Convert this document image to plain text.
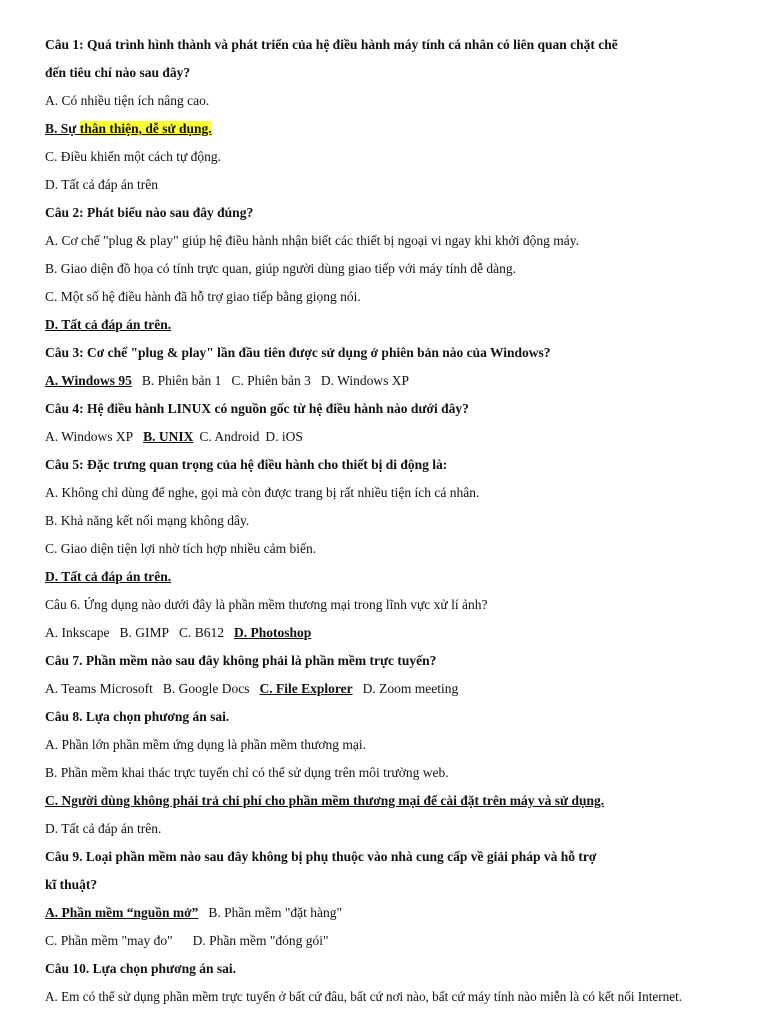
Câu 1: Quá trình hình thành và phát triển của hệ điều hành máy tính cá nhân có liên quan chặt chẽ
đến tiêu chí nào sau đây?
A. Có nhiều tiện ích nâng cao.
B. Sự thân thiện, dễ sử dụng.
C. Điều khiển một cách tự động.
D. Tất cả đáp án trên
Câu 2: Phát biểu nào sau đây đúng?
A. Cơ chế "plug & play" giúp hệ điều hành nhận biết các thiết bị ngoại vi ngay khi khởi động máy.
B. Giao diện đồ họa có tính trực quan, giúp người dùng giao tiếp với máy tính dễ dàng.
C. Một số hệ điều hành đã hỗ trợ giao tiếp bằng giọng nói.
D. Tất cả đáp án trên.
Câu 3: Cơ chế "plug & play" lần đầu tiên được sử dụng ở phiên bản nào của Windows?
A. Windows 95 B. Phiên bản 1 C. Phiên bản 3 D. Windows XP
Câu 4: Hệ điều hành LINUX có nguồn gốc từ hệ điều hành nào dưới đây?
A. Windows XP B. UNIX C. Android D. iOS
Câu 5: Đặc trưng quan trọng của hệ điều hành cho thiết bị di động là:
A. Không chỉ dùng để nghe, gọi mà còn được trang bị rất nhiều tiện ích cá nhân.
B. Khả năng kết nối mạng không dây.
C. Giao diện tiện lợi nhờ tích hợp nhiều cảm biến.
D. Tất cả đáp án trên.
Câu 6. Ứng dụng nào dưới đây là phần mềm thương mại trong lĩnh vực xử lí ảnh?
A. Inkscape B. GIMP C. B612 D. Photoshop
Câu 7. Phần mềm nào sau đây không phải là phần mềm trực tuyến?
A. Teams Microsoft B. Google Docs C. File Explorer D. Zoom meeting
Câu 8. Lựa chọn phương án sai.
A. Phần lớn phần mềm ứng dụng là phần mềm thương mại.
B. Phần mềm khai thác trực tuyến chỉ có thể sử dụng trên môi trường web.
C. Người dùng không phải trả chi phí cho phần mềm thương mại để cài đặt trên máy và sử dụng.
D. Tất cả đáp án trên.
Câu 9. Loại phần mềm nào sau đây không bị phụ thuộc vào nhà cung cấp về giải pháp và hỗ trợ
kĩ thuật?
A. Phần mềm “nguồn mở” B. Phần mềm "đặt hàng"
C. Phần mềm "may đo" D. Phần mềm "đóng gói"
Câu 10. Lựa chọn phương án sai.
A. Em có thể sử dụng phần mềm trực tuyến ở bất cứ đâu, bất cứ nơi nào, bất cứ máy tính nào miễn là có kết nối Internet.
